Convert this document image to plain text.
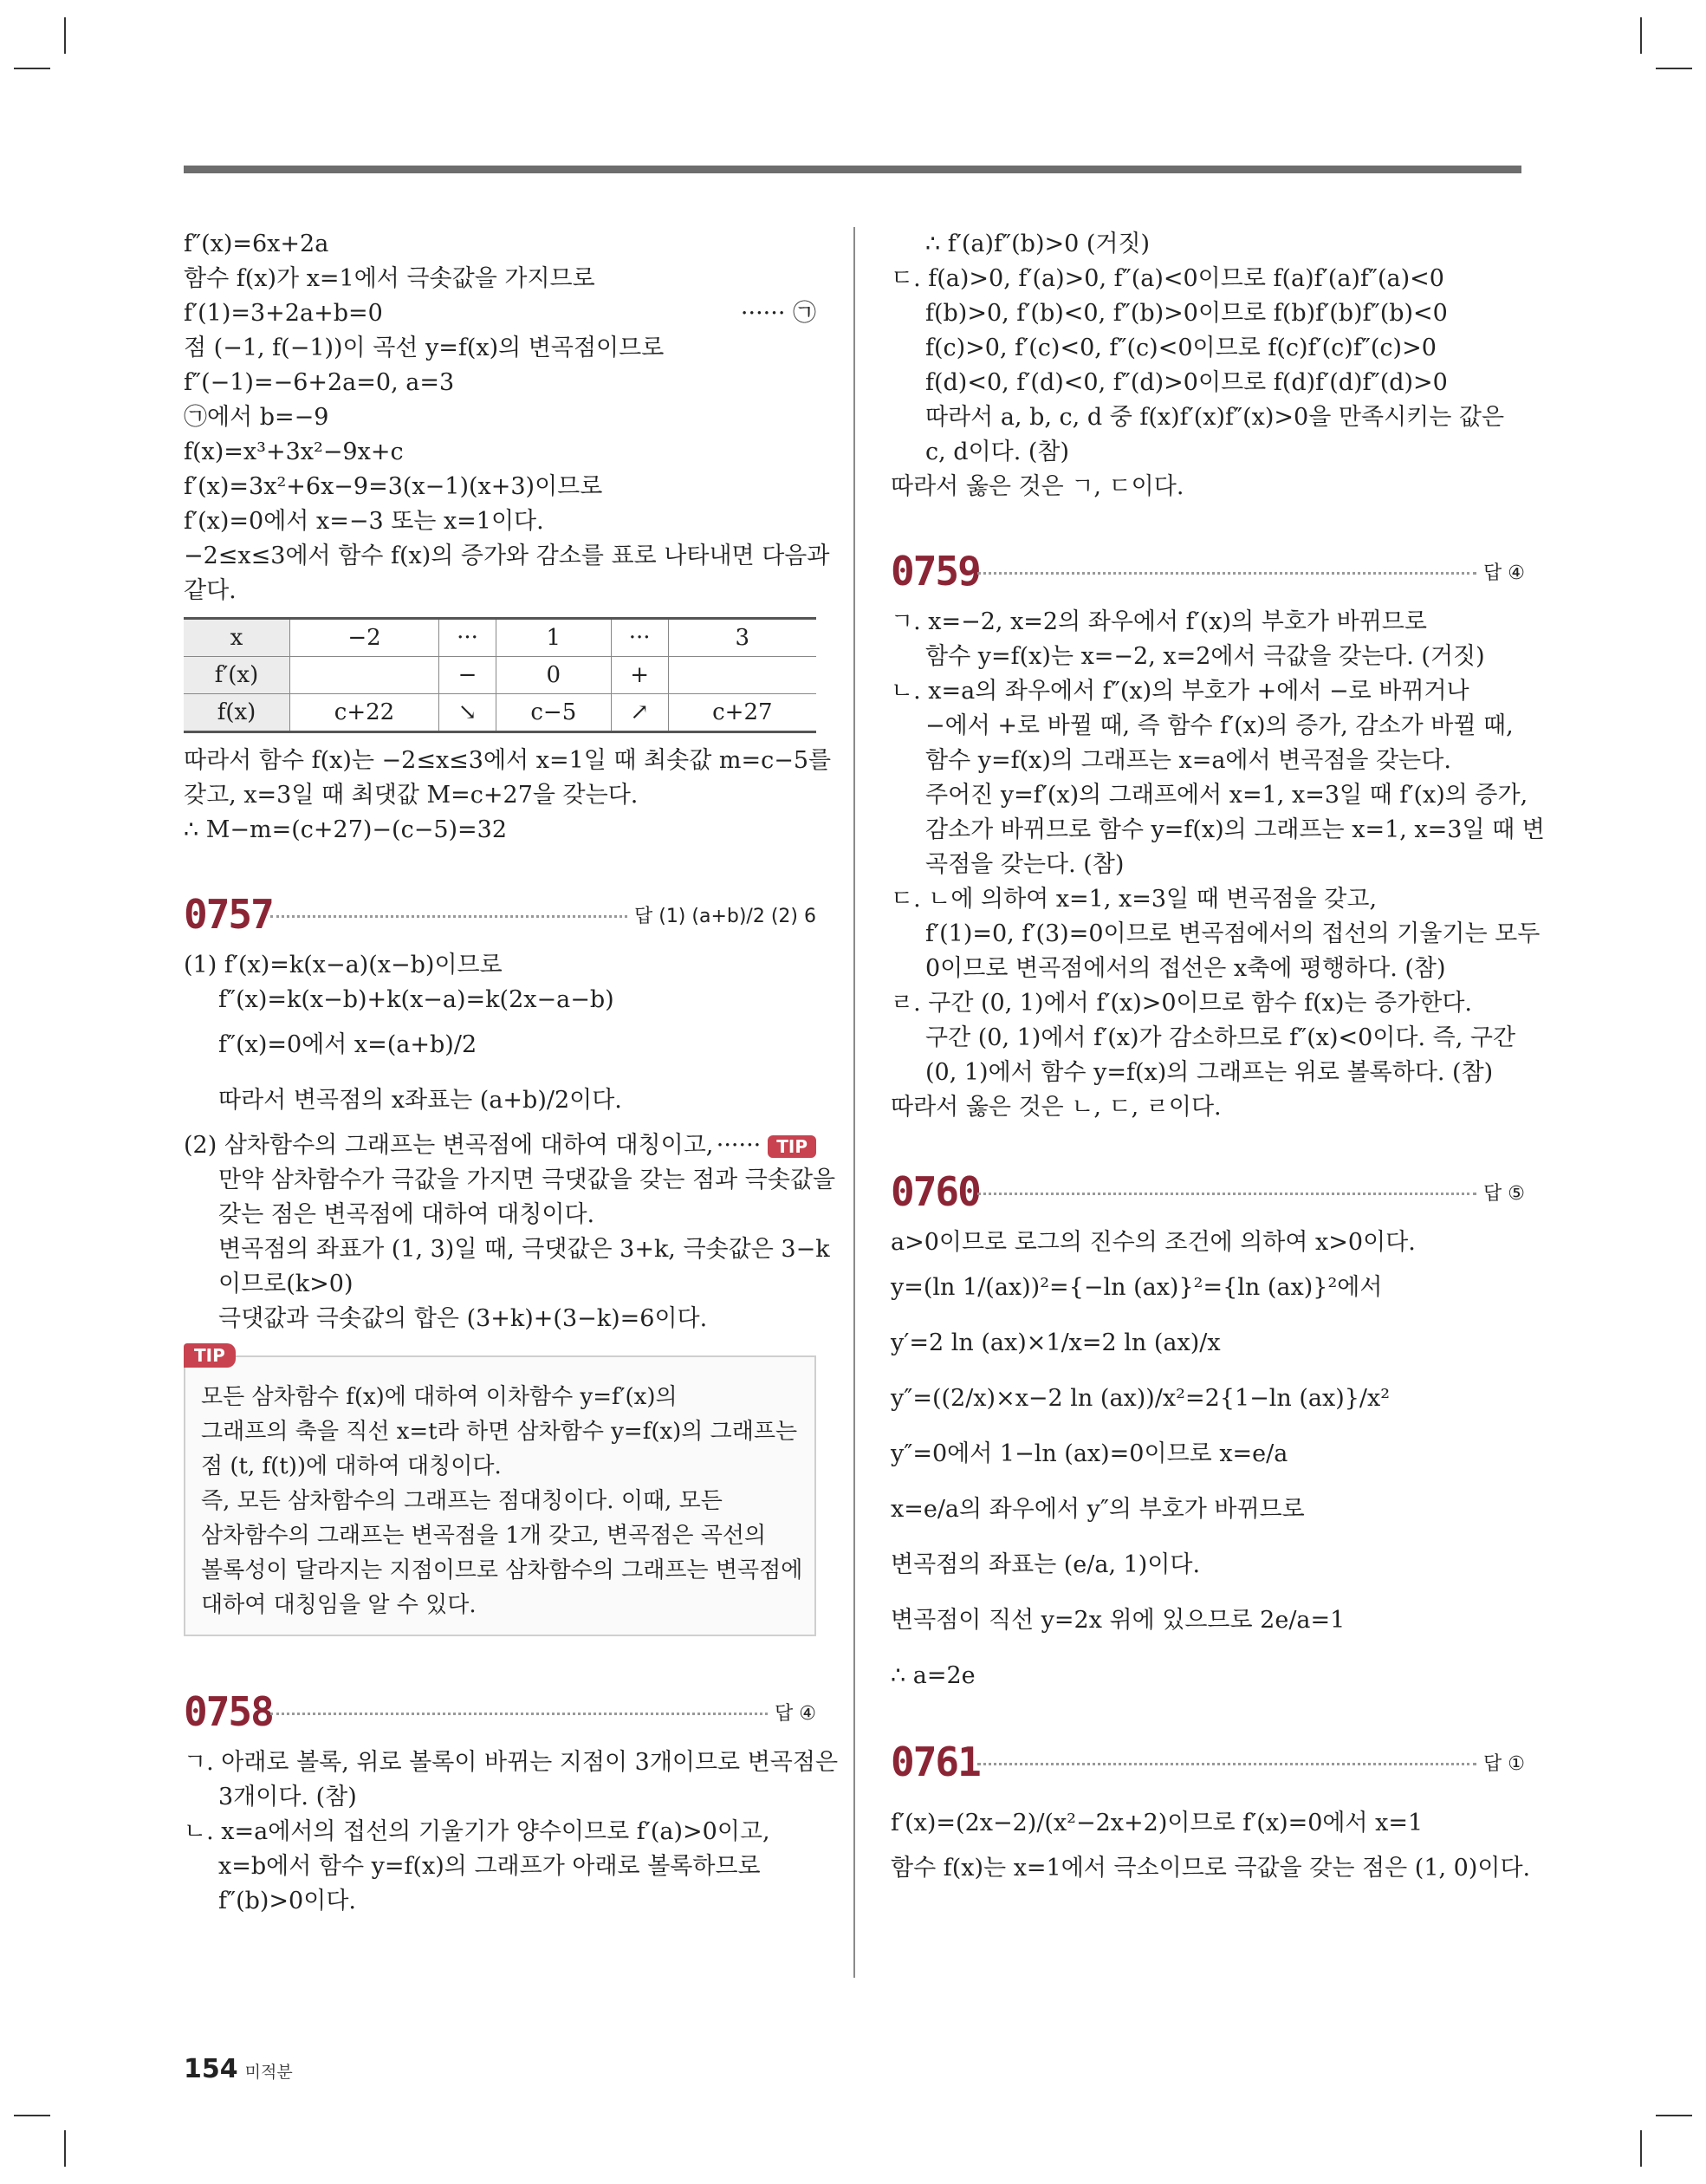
f″(x)=6x+2a
함수 f(x)가 x=1에서 극솟값을 가지므로
f′(1)=3+2a+b=0	······ ㉠
점 (−1, f(−1))이 곡선 y=f(x)의 변곡점이므로
f″(−1)=−6+2a=0, a=3
㉠에서 b=−9
f(x)=x³+3x²−9x+c
f′(x)=3x²+6x−9=3(x−1)(x+3)이므로
f′(x)=0에서 x=−3 또는 x=1이다.
−2≤x≤3에서 함수 f(x)의 증가와 감소를 표로 나타내면 다음과
같다.
x	−2	···	1	···	3
f′(x)		−	0	+	
f(x)	c+22	↘	c−5	↗	c+27
따라서 함수 f(x)는 −2≤x≤3에서 x=1일 때 최솟값 m=c−5를
갖고, x=3일 때 최댓값 M=c+27을 갖는다.
∴ M−m=(c+27)−(c−5)=32
0757	답 (1) (a+b)/2 (2) 6
(1) f′(x)=k(x−a)(x−b)이므로
f″(x)=k(x−b)+k(x−a)=k(2x−a−b)
f″(x)=0에서 x=(a+b)/2
따라서 변곡점의 x좌표는 (a+b)/2이다.
(2) 삼차함수의 그래프는 변곡점에 대하여 대칭이고, ······ TIP
만약 삼차함수가 극값을 가지면 극댓값을 갖는 점과 극솟값을
갖는 점은 변곡점에 대하여 대칭이다.
변곡점의 좌표가 (1, 3)일 때, 극댓값은 3+k, 극솟값은 3−k
이므로(k>0)
극댓값과 극솟값의 합은 (3+k)+(3−k)=6이다.
TIP
모든 삼차함수 f(x)에 대하여 이차함수 y=f′(x)의
그래프의 축을 직선 x=t라 하면 삼차함수 y=f(x)의 그래프는
점 (t, f(t))에 대하여 대칭이다.
즉, 모든 삼차함수의 그래프는 점대칭이다. 이때, 모든
삼차함수의 그래프는 변곡점을 1개 갖고, 변곡점은 곡선의
볼록성이 달라지는 지점이므로 삼차함수의 그래프는 변곡점에
대하여 대칭임을 알 수 있다.
0758	답 ④
ㄱ. 아래로 볼록, 위로 볼록이 바뀌는 지점이 3개이므로 변곡점은
3개이다. (참)
ㄴ. x=a에서의 접선의 기울기가 양수이므로 f′(a)>0이고,
x=b에서 함수 y=f(x)의 그래프가 아래로 볼록하므로
f″(b)>0이다.
∴ f′(a)f″(b)>0 (거짓)
ㄷ. f(a)>0, f′(a)>0, f″(a)<0이므로 f(a)f′(a)f″(a)<0
f(b)>0, f′(b)<0, f″(b)>0이므로 f(b)f′(b)f″(b)<0
f(c)>0, f′(c)<0, f″(c)<0이므로 f(c)f′(c)f″(c)>0
f(d)<0, f′(d)<0, f″(d)>0이므로 f(d)f′(d)f″(d)>0
따라서 a, b, c, d 중 f(x)f′(x)f″(x)>0을 만족시키는 값은
c, d이다. (참)
따라서 옳은 것은 ㄱ, ㄷ이다.
0759	답 ④
ㄱ. x=−2, x=2의 좌우에서 f′(x)의 부호가 바뀌므로
함수 y=f(x)는 x=−2, x=2에서 극값을 갖는다. (거짓)
ㄴ. x=a의 좌우에서 f″(x)의 부호가 +에서 −로 바뀌거나
−에서 +로 바뀔 때, 즉 함수 f′(x)의 증가, 감소가 바뀔 때,
함수 y=f(x)의 그래프는 x=a에서 변곡점을 갖는다.
주어진 y=f′(x)의 그래프에서 x=1, x=3일 때 f′(x)의 증가,
감소가 바뀌므로 함수 y=f(x)의 그래프는 x=1, x=3일 때 변
곡점을 갖는다. (참)
ㄷ. ㄴ에 의하여 x=1, x=3일 때 변곡점을 갖고,
f′(1)=0, f′(3)=0이므로 변곡점에서의 접선의 기울기는 모두
0이므로 변곡점에서의 접선은 x축에 평행하다. (참)
ㄹ. 구간 (0, 1)에서 f′(x)>0이므로 함수 f(x)는 증가한다.
구간 (0, 1)에서 f′(x)가 감소하므로 f″(x)<0이다. 즉, 구간
(0, 1)에서 함수 y=f(x)의 그래프는 위로 볼록하다. (참)
따라서 옳은 것은 ㄴ, ㄷ, ㄹ이다.
0760	답 ⑤
a>0이므로 로그의 진수의 조건에 의하여 x>0이다.
y=(ln 1/(ax))²={−ln (ax)}²={ln (ax)}²에서
y′=2 ln (ax)×1/x=2 ln (ax)/x
y″=((2/x)×x−2 ln (ax))/x²=2{1−ln (ax)}/x²
y″=0에서 1−ln (ax)=0이므로 x=e/a
x=e/a의 좌우에서 y″의 부호가 바뀌므로
변곡점의 좌표는 (e/a, 1)이다.
변곡점이 직선 y=2x 위에 있으므로 2e/a=1
∴ a=2e
0761	답 ①
f′(x)=(2x−2)/(x²−2x+2)이므로 f′(x)=0에서 x=1
함수 f(x)는 x=1에서 극소이므로 극값을 갖는 점은 (1, 0)이다.
154 미적분
